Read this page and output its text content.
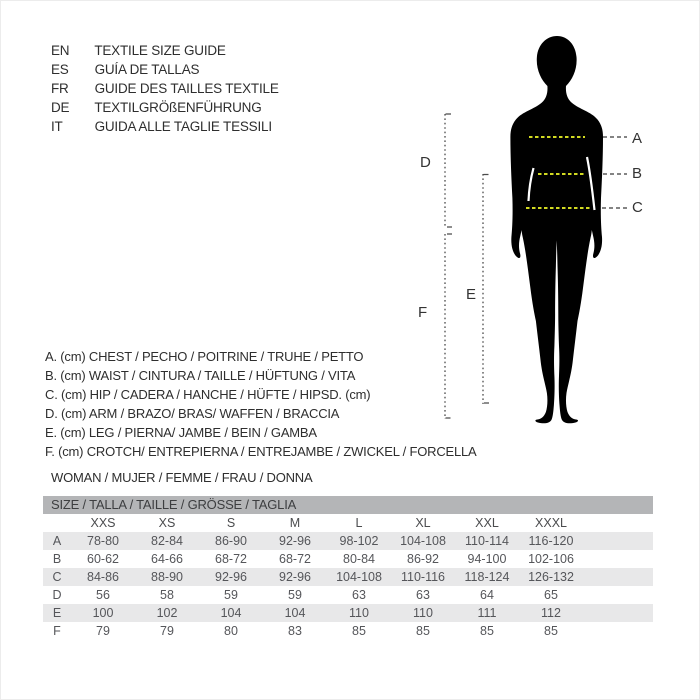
EN TEXTILE SIZE GUIDE
ES GUÍA DE TALLAS
FR GUIDE DES TAILLES TEXTILE
DE TEXTILGRÖßENFÜHRUNG
IT GUIDA ALLE TAGLIE TESSILI
A
B
C
D
E
F
A. (cm) CHEST / PECHO / POITRINE / TRUHE / PETTO
B. (cm) WAIST / CINTURA / TAILLE / HÜFTUNG / VITA
C. (cm) HIP / CADERA / HANCHE / HÜFTE / HIPSD. (cm)
D. (cm) ARM / BRAZO/ BRAS/ WAFFEN / BRACCIA
E. (cm) LEG / PIERNA/ JAMBE / BEIN / GAMBA
F. (cm) CROTCH/ ENTREPIERNA / ENTREJAMBE / ZWICKEL / FORCELLA
WOMAN / MUJER / FEMME / FRAU / DONNA
SIZE / TALLA / TAILLE / GRÖSSE / TAGLIA
	XXS	XS	S	M	L	XL	XXL	XXXL	
A	78-80	82-84	86-90	92-96	98-102	104-108	110-114	116-120	
B	60-62	64-66	68-72	68-72	80-84	86-92	94-100	102-106	
C	84-86	88-90	92-96	92-96	104-108	110-116	118-124	126-132	
D	56	58	59	59	63	63	64	65	
E	100	102	104	104	110	110	111	112	
F	79	79	80	83	85	85	85	85	
